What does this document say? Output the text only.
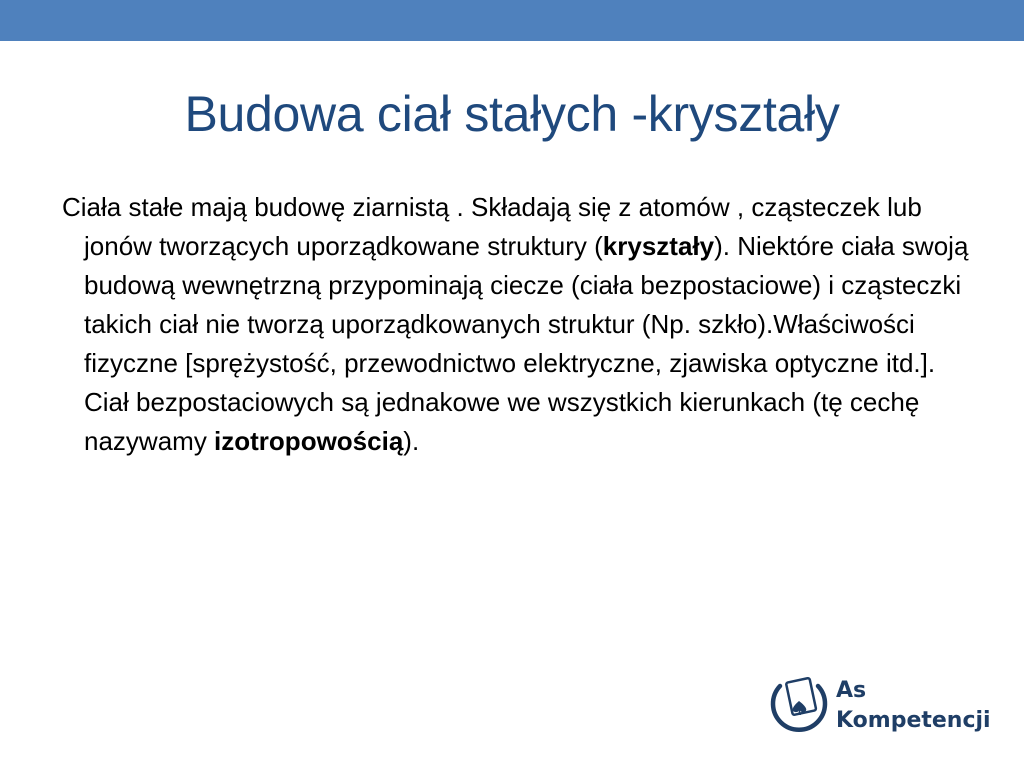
Budowa ciał stałych -kryształy

Ciała stałe mają budowę ziarnistą . Składają się z atomów , cząsteczek lub jonów tworzących uporządkowane struktury (kryształy). Niektóre ciała swoją budową wewnętrzną przypominają ciecze (ciała bezpostaciowe) i cząsteczki takich ciał nie tworzą uporządkowanych struktur (Np. szkło).Właściwości fizyczne [sprężystość, przewodnictwo elektryczne, zjawiska optyczne itd.]. Ciał bezpostaciowych są jednakowe we wszystkich kierunkach (tę cechę nazywamy izotropowością).

As
Kompetencji
